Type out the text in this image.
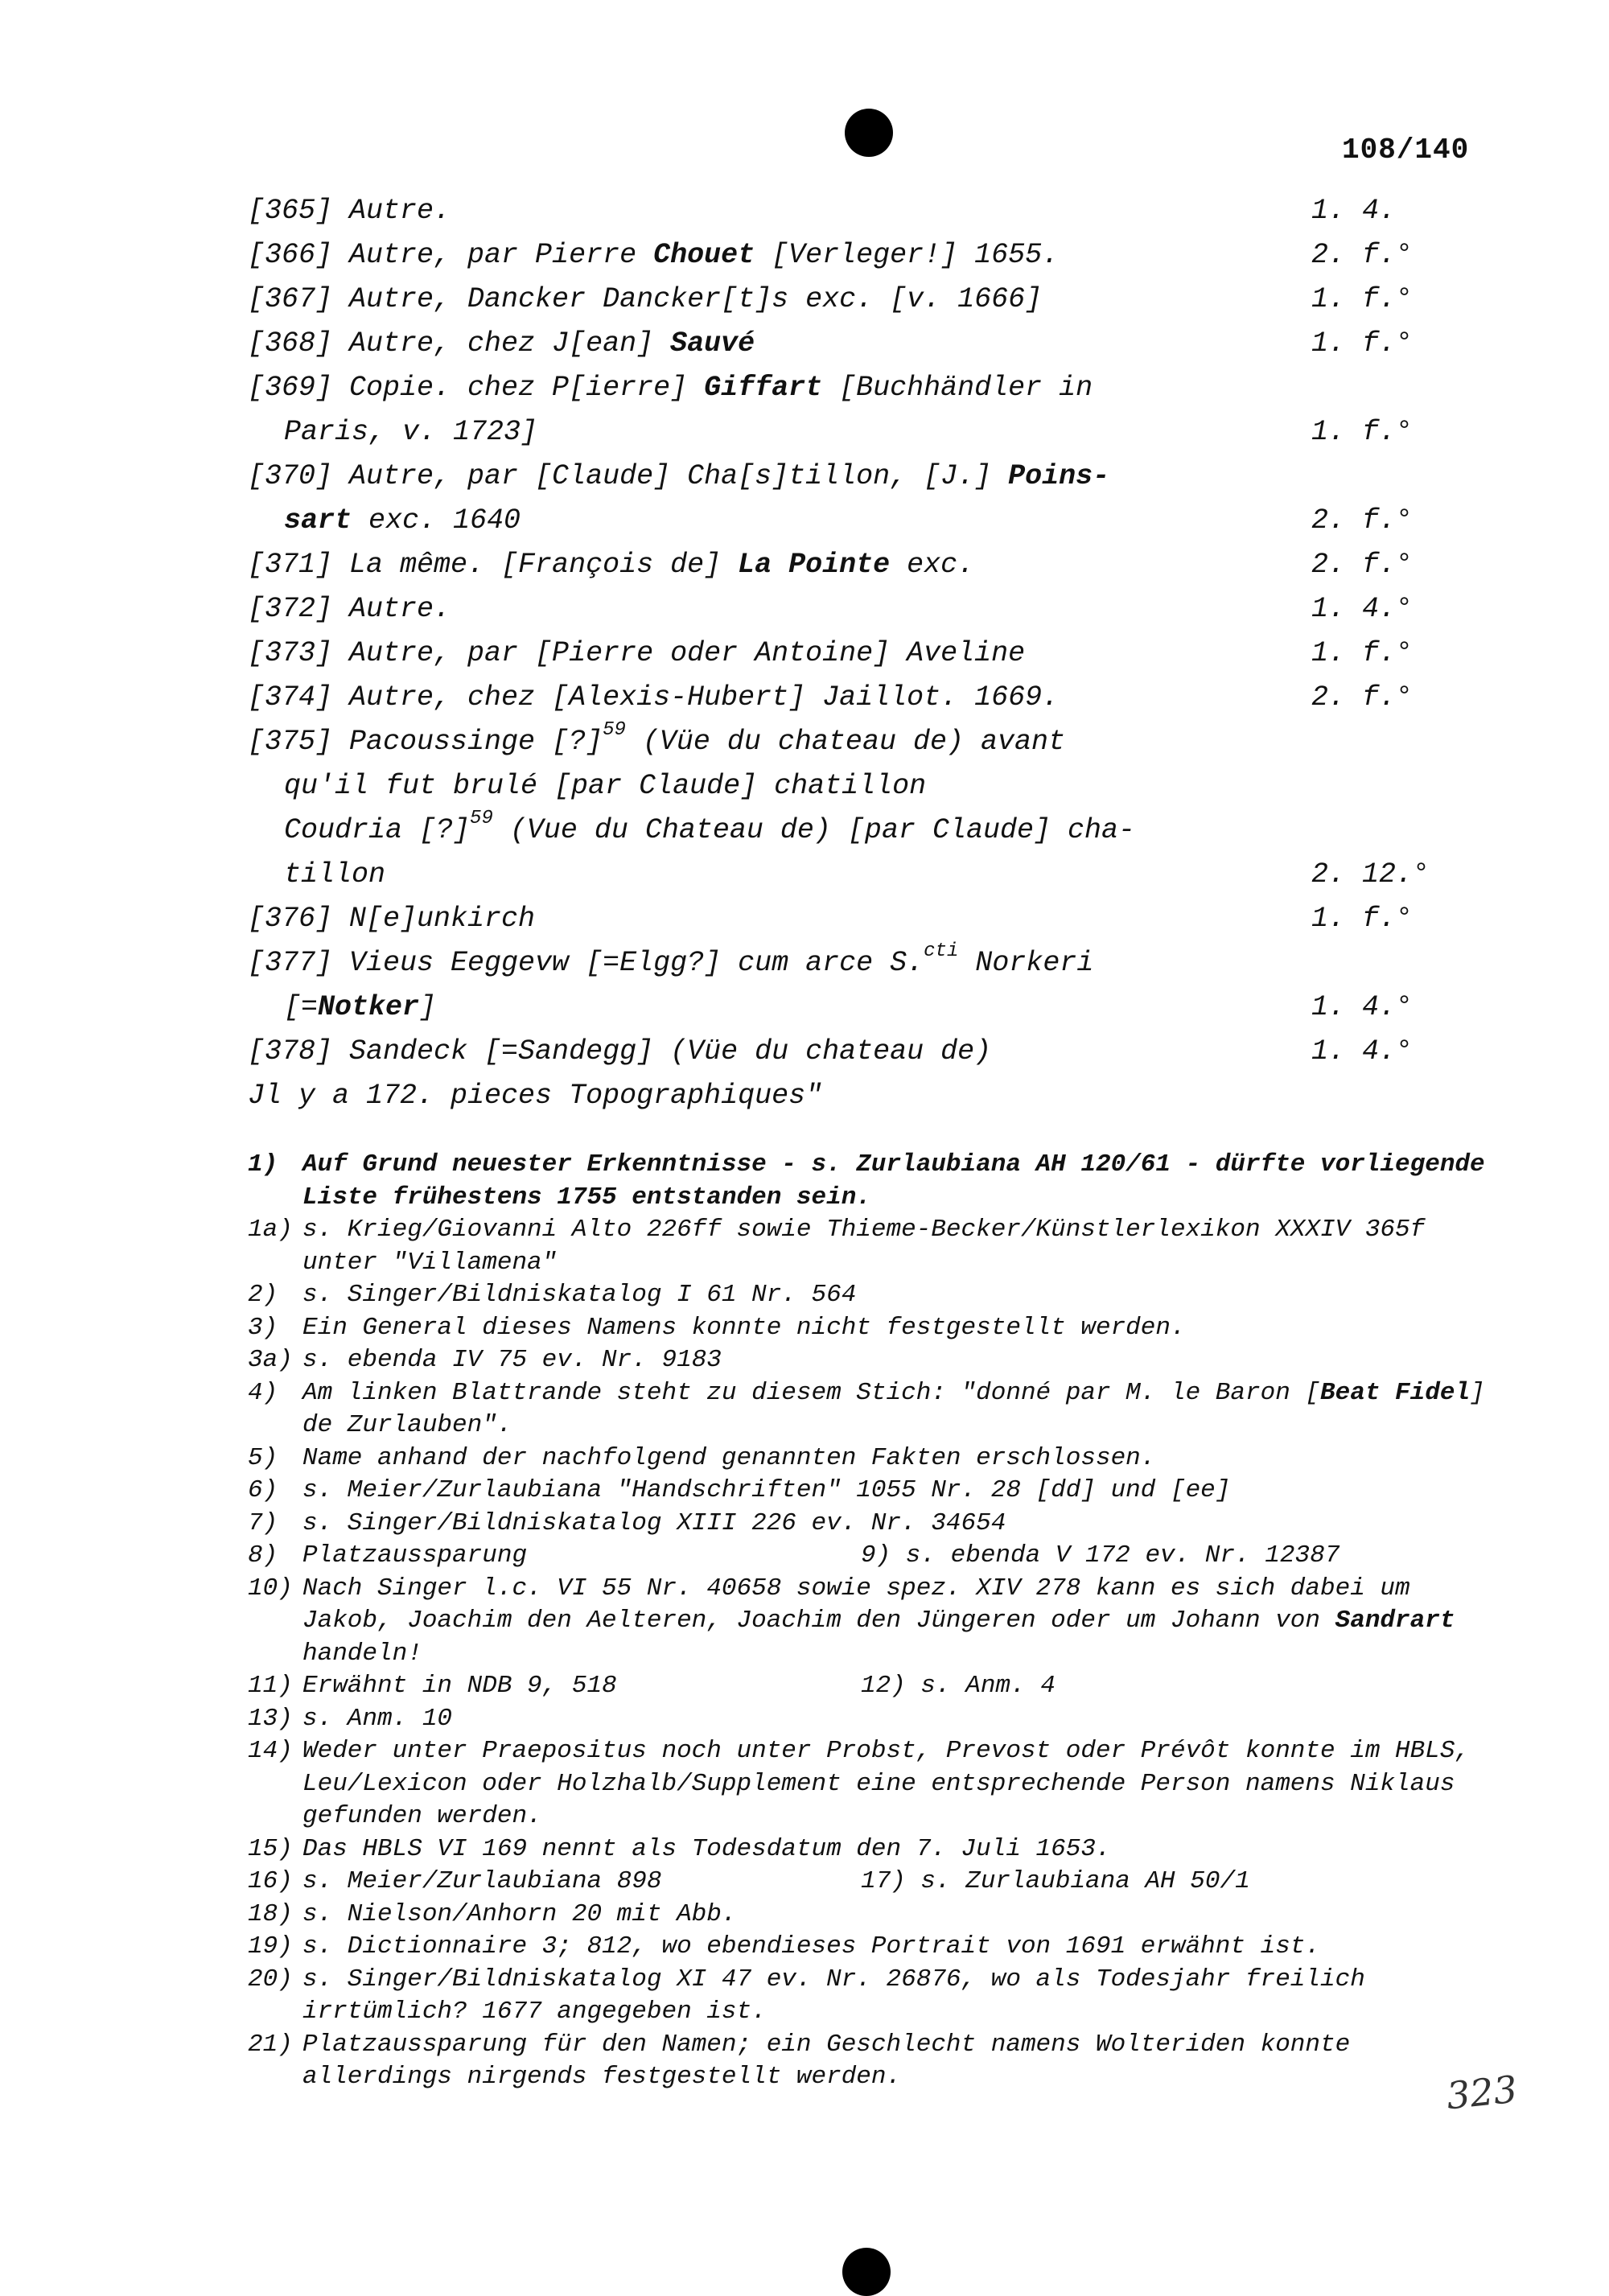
108/140
[365] Autre.	1. 4.
[366] Autre, par Pierre Chouet [Verleger!] 1655.	2. f.°
[367] Autre, Dancker Dancker[t]s exc. [v. 1666]	1. f.°
[368] Autre, chez J[ean] Sauvé	1. f.°
[369] Copie. chez P[ierre] Giffart [Buchhändler in
Paris, v. 1723]	1. f.°
[370] Autre, par [Claude] Cha[s]tillon, [J.] Poins-
sart exc. 1640	2. f.°
[371] La même. [François de] La Pointe exc.	2. f.°
[372] Autre.	1. 4.°
[373] Autre, par [Pierre oder Antoine] Aveline	1. f.°
[374] Autre, chez [Alexis-Hubert] Jaillot. 1669.	2. f.°
[375] Pacoussinge [?]$^{59}$ (Vüe du chateau de) avant
qu'il fut brulé [par Claude] chatillon
Coudria [?]$^{59}$ (Vue du Chateau de) [par Claude] cha-
tillon	2. 12.°
[376] N[e]unkirch	1. f.°
[377] Vieus Eeggevw [=Elgg?] cum arce S.$^{cti}$ Norkeri
[=Notker]	1. 4.°
[378] Sandeck [=Sandegg] (Vüe du chateau de)	1. 4.°
Jl y a 172. pieces Topographiques"
1) Auf Grund neuester Erkenntnisse - s. Zurlaubiana AH 120/61 - dürfte vorliegende Liste frühestens 1755 entstanden sein.
1a) s. Krieg/Giovanni Alto 226ff sowie Thieme-Becker/Künstlerlexikon XXXIV 365f unter "Villamena"
2) s. Singer/Bildniskatalog I 61 Nr. 564
3) Ein General dieses Namens konnte nicht festgestellt werden.
3a) s. ebenda IV 75 ev. Nr. 9183
4) Am linken Blattrande steht zu diesem Stich: "donné par M. le Baron [Beat Fidel] de Zurlauben".
5) Name anhand der nachfolgend genannten Fakten erschlossen.
6) s. Meier/Zurlaubiana "Handschriften" 1055 Nr. 28 [dd] und [ee]
7) s. Singer/Bildniskatalog XIII 226 ev. Nr. 34654
8) Platzaussparung	9) s. ebenda V 172 ev. Nr. 12387
10) Nach Singer l.c. VI 55 Nr. 40658 sowie spez. XIV 278 kann es sich dabei um Jakob, Joachim den Aelteren, Joachim den Jüngeren oder um Johann von Sandrart handeln!
11) Erwähnt in NDB 9, 518	12) s. Anm. 4
13) s. Anm. 10
14) Weder unter Praepositus noch unter Probst, Prevost oder Prévôt konnte im HBLS, Leu/Lexicon oder Holzhalb/Supplement eine entsprechende Person namens Niklaus gefunden werden.
15) Das HBLS VI 169 nennt als Todesdatum den 7. Juli 1653.
16) s. Meier/Zurlaubiana 898	17) s. Zurlaubiana AH 50/1
18) s. Nielson/Anhorn 20 mit Abb.
19) s. Dictionnaire 3; 812, wo ebendieses Portrait von 1691 erwähnt ist.
20) s. Singer/Bildniskatalog XI 47 ev. Nr. 26876, wo als Todesjahr freilich irrtümlich? 1677 angegeben ist.
21) Platzaussparung für den Namen; ein Geschlecht namens Wolteriden konnte allerdings nirgends festgestellt werden.	323
